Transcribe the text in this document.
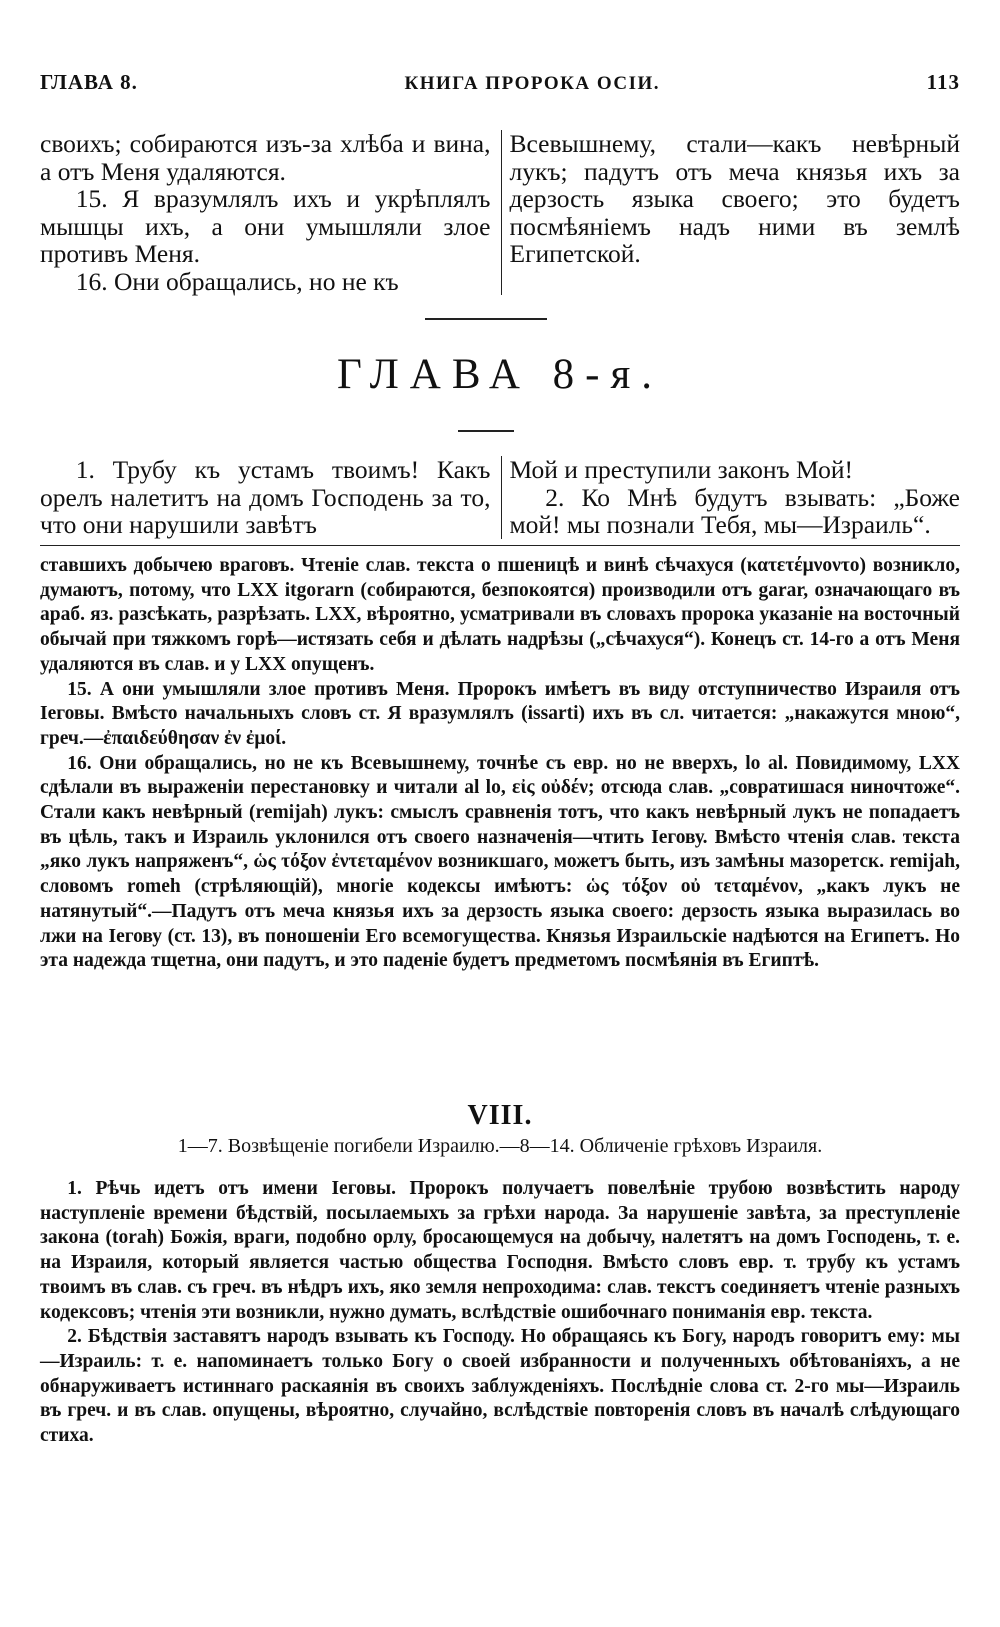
ГЛАВА 8.	КНИГА ПРОРОКА ОСІИ.	113

своихъ; собираются изъ-за хлѣба и вина, а отъ Меня удаляются.

15. Я вразумлялъ ихъ и укрѣплялъ мышцы ихъ, а они умышляли злое противъ Меня.

16. Они обращались, но не къ

Всевышнему, стали—какъ невѣрный лукъ; падутъ отъ меча князья ихъ за дерзость языка своего; это будетъ посмѣяніемъ надъ ними въ землѣ Египетской.

ГЛАВА 8-я.

1. Трубу къ устамъ твоимъ! Какъ орелъ налетитъ на домъ Господень за то, что они нарушили завѣтъ

Мой и преступили законъ Мой!

2. Ко Мнѣ будутъ взывать: „Боже мой! мы познали Тебя, мы—Израиль“.

ставшихъ добычею враговъ. Чтеніе слав. текста о пшеницѣ и винѣ сѣчахуся (κατετέμνοντο) возникло, думаютъ, потому, что LXX itgorarn (собираются, безпокоятся) производили отъ garar, означающаго въ араб. яз. разсѣкать, разрѣзать. LXX, вѣроятно, усматривали въ словахъ пророка указаніе на восточный обычай при тяжкомъ горѣ—истязать себя и дѣлать надрѣзы („сѣчахуся“). Конецъ ст. 14-го а отъ Меня удаляются въ слав. и у LXX опущенъ.

15. А они умышляли злое противъ Меня. Пророкъ имѣетъ въ виду отступничество Израиля отъ Іеговы. Вмѣсто начальныхъ словъ ст. Я вразумлялъ (issarti) ихъ въ сл. читается: „накажутся мною“, греч.—ἐπαιδεύθησαν ἐν ἐμοί.

16. Они обращались, но не къ Всевышнему, точнѣе съ евр. но не вверхъ, lo al. Повидимому, LXX сдѣлали въ выраженіи перестановку и читали al lo, εἰς οὐδέν; отсюда слав. „совратишася ниночтоже“. Стали какъ невѣрный (remijah) лукъ: смыслъ сравненія тотъ, что какъ невѣрный лукъ не попадаетъ въ цѣль, такъ и Израиль уклонился отъ своего назначенія—чтить Іегову. Вмѣсто чтенія слав. текста „яко лукъ напряженъ“, ὡς τόξον ἐντεταμένον возникшаго, можетъ быть, изъ замѣны мазоретск. remijah, словомъ romeh (стрѣляющій), многіе кодексы имѣютъ: ὡς τόξον οὐ τεταμένον, „какъ лукъ не натянутый“.—Падутъ отъ меча князья ихъ за дерзость языка своего: дерзость языка выразилась во лжи на Іегову (ст. 13), въ поношеніи Его всемогущества. Князья Израильскіе надѣются на Египетъ. Но эта надежда тщетна, они падутъ, и это паденіе будетъ предметомъ посмѣянія въ Египтѣ.

VIII.
1—7. Возвѣщеніе погибели Израилю.—8—14. Обличеніе грѣховъ Израиля.

1. Рѣчь идетъ отъ имени Іеговы. Пророкъ получаетъ повелѣніе трубою возвѣстить народу наступленіе времени бѣдствій, посылаемыхъ за грѣхи народа. За нарушеніе завѣта, за преступленіе закона (torah) Божія, враги, подобно орлу, бросающемуся на добычу, налетятъ на домъ Господень, т. е. на Израиля, который является частью общества Господня. Вмѣсто словъ евр. т. трубу къ устамъ твоимъ въ слав. съ греч. въ нѣдръ ихъ, яко земля непроходима: слав. текстъ соединяетъ чтеніе разныхъ кодексовъ; чтенія эти возникли, нужно думать, вслѣдствіе ошибочнаго пониманія евр. текста.

2. Бѣдствія заставятъ народъ взывать къ Господу. Но обращаясь къ Богу, народъ говоритъ ему: мы—Израиль: т. е. напоминаетъ только Богу о своей избранности и полученныхъ обѣтованіяхъ, а не обнаруживаетъ истиннаго раскаянія въ своихъ заблужденіяхъ. Послѣдніе слова ст. 2-го мы—Израиль въ греч. и въ слав. опущены, вѣроятно, случайно, вслѣдствіе повторенія словъ въ началѣ слѣдующаго стиха.
